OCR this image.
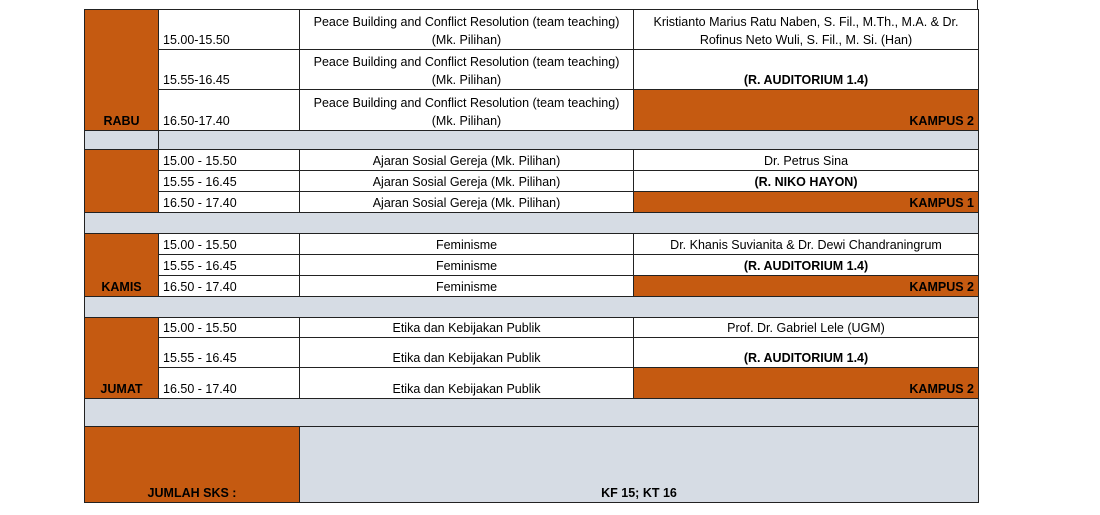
RABU	15.00-15.50	Peace Building and Conflict Resolution (team teaching) (Mk. Pilihan)	Kristianto Marius Ratu Naben, S. Fil., M.Th., M.A. & Dr. Rofinus Neto Wuli, S. Fil., M. Si. (Han)
	15.55-16.45	Peace Building and Conflict Resolution (team teaching) (Mk. Pilihan)	(R. AUDITORIUM 1.4)
	16.50-17.40	Peace Building and Conflict Resolution (team teaching) (Mk. Pilihan)	KAMPUS 2

	15.00 - 15.50	Ajaran Sosial Gereja (Mk. Pilihan)	Dr. Petrus Sina
	15.55 - 16.45	Ajaran Sosial Gereja (Mk. Pilihan)	(R. NIKO HAYON)
	16.50 - 17.40	Ajaran Sosial Gereja (Mk. Pilihan)	KAMPUS 1

KAMIS	15.00 - 15.50	Feminisme	Dr. Khanis Suvianita & Dr. Dewi Chandraningrum
	15.55 - 16.45	Feminisme	(R. AUDITORIUM 1.4)
	16.50 - 17.40	Feminisme	KAMPUS 2

JUMAT	15.00 - 15.50	Etika dan Kebijakan Publik	Prof. Dr. Gabriel Lele (UGM)
	15.55 - 16.45	Etika dan Kebijakan Publik	(R. AUDITORIUM 1.4)
	16.50 - 17.40	Etika dan Kebijakan Publik	KAMPUS 2

JUMLAH SKS :		KF 15; KT 16	
